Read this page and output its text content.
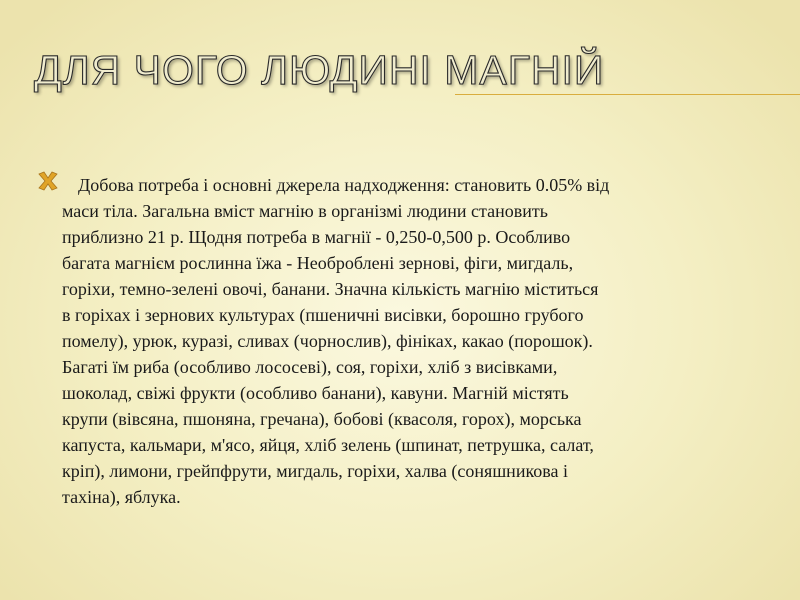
ДЛЯ ЧОГО ЛЮДИНІ МАГНІЙ

Добова потреба і основні джерела надходження: становить 0.05% від
маси тіла. Загальна вміст магнію в організмі людини становить
приблизно 21 р. Щодня потреба в магнії - 0,250-0,500 р. Особливо
багата магнієм рослинна їжа - Необроблені зернові, фіги, мигдаль,
горіхи, темно-зелені овочі, банани. Значна кількість магнію міститься
в горіхах і зернових культурах (пшеничні висівки, борошно грубого
помелу), урюк, куразі, сливах (чорнослив), фініках, какао (порошок).
Багаті їм риба (особливо лососеві), соя, горіхи, хліб з висівками,
шоколад, свіжі фрукти (особливо банани), кавуни. Магній містять
крупи (вівсяна, пшоняна, гречана), бобові (квасоля, горох), морська
капуста, кальмари, м'ясо, яйця, хліб зелень (шпинат, петрушка, салат,
кріп), лимони, грейпфрути, мигдаль, горіхи, халва (соняшникова і
тахіна), яблука.
